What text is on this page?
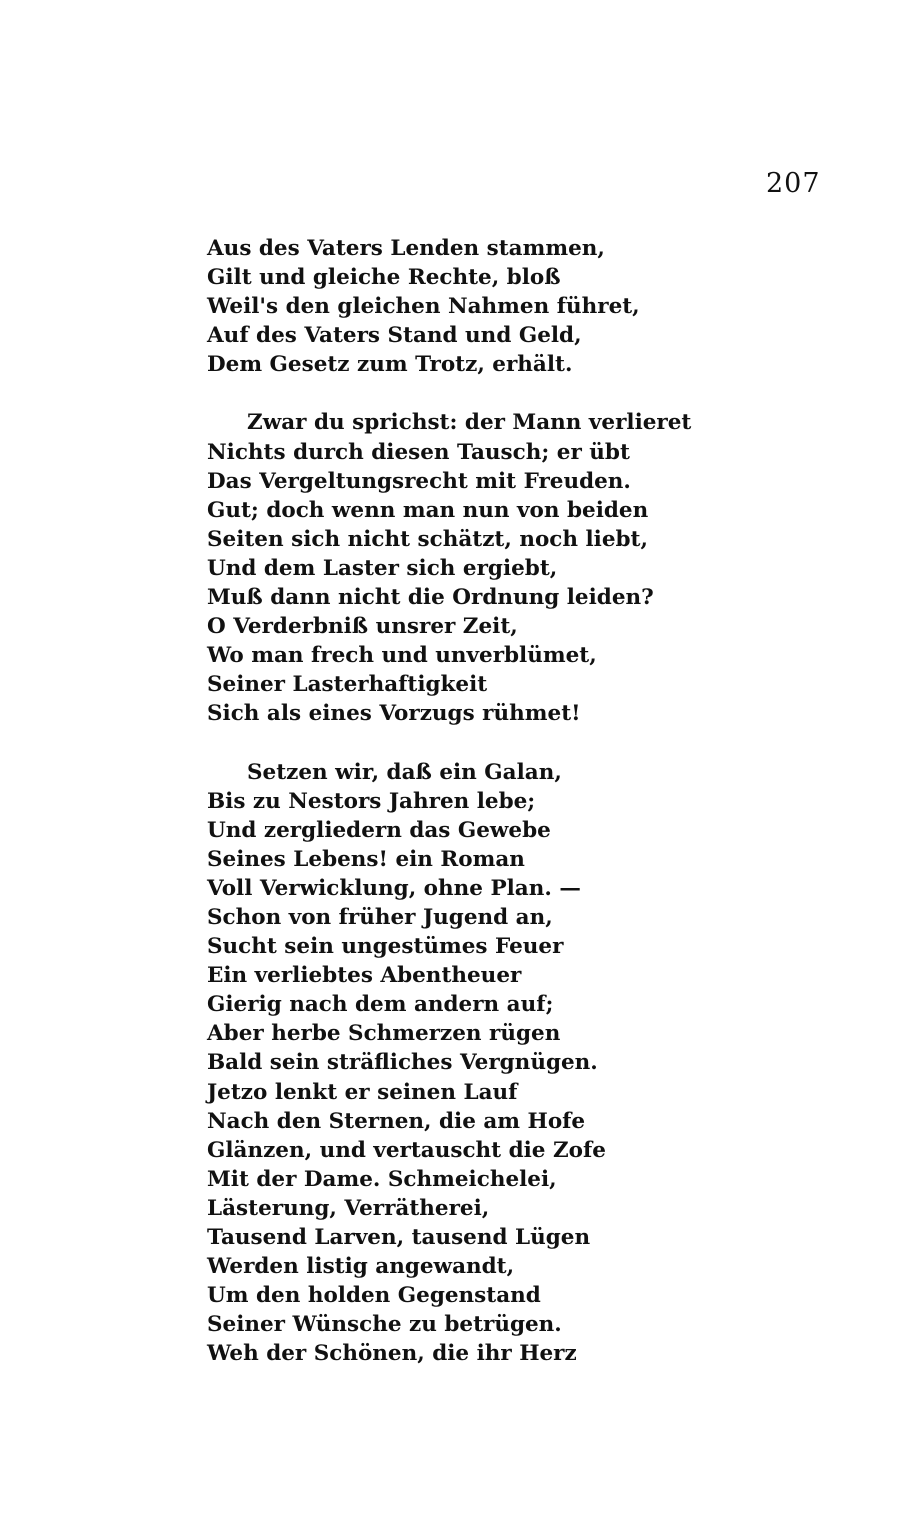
207
Aus des Vaters Lenden stammen,
Gilt und gleiche Rechte, bloß
Weil's den gleichen Nahmen führet,
Auf des Vaters Stand und Geld,
Dem Gesetz zum Trotz, erhält.
Zwar du sprichst: der Mann verlieret
Nichts durch diesen Tausch; er übt
Das Vergeltungsrecht mit Freuden.
Gut; doch wenn man nun von beiden
Seiten sich nicht schätzt, noch liebt,
Und dem Laster sich ergiebt,
Muß dann nicht die Ordnung leiden?
O Verderbniß unsrer Zeit,
Wo man frech und unverblümet,
Seiner Lasterhaftigkeit
Sich als eines Vorzugs rühmet!
Setzen wir, daß ein Galan,
Bis zu Nestors Jahren lebe;
Und zergliedern das Gewebe
Seines Lebens! ein Roman
Voll Verwicklung, ohne Plan. —
Schon von früher Jugend an,
Sucht sein ungestümes Feuer
Ein verliebtes Abentheuer
Gierig nach dem andern auf;
Aber herbe Schmerzen rügen
Bald sein sträfliches Vergnügen.
Jetzo lenkt er seinen Lauf
Nach den Sternen, die am Hofe
Glänzen, und vertauscht die Zofe
Mit der Dame. Schmeichelei,
Lästerung, Verrätherei,
Tausend Larven, tausend Lügen
Werden listig angewandt,
Um den holden Gegenstand
Seiner Wünsche zu betrügen.
Weh der Schönen, die ihr Herz
